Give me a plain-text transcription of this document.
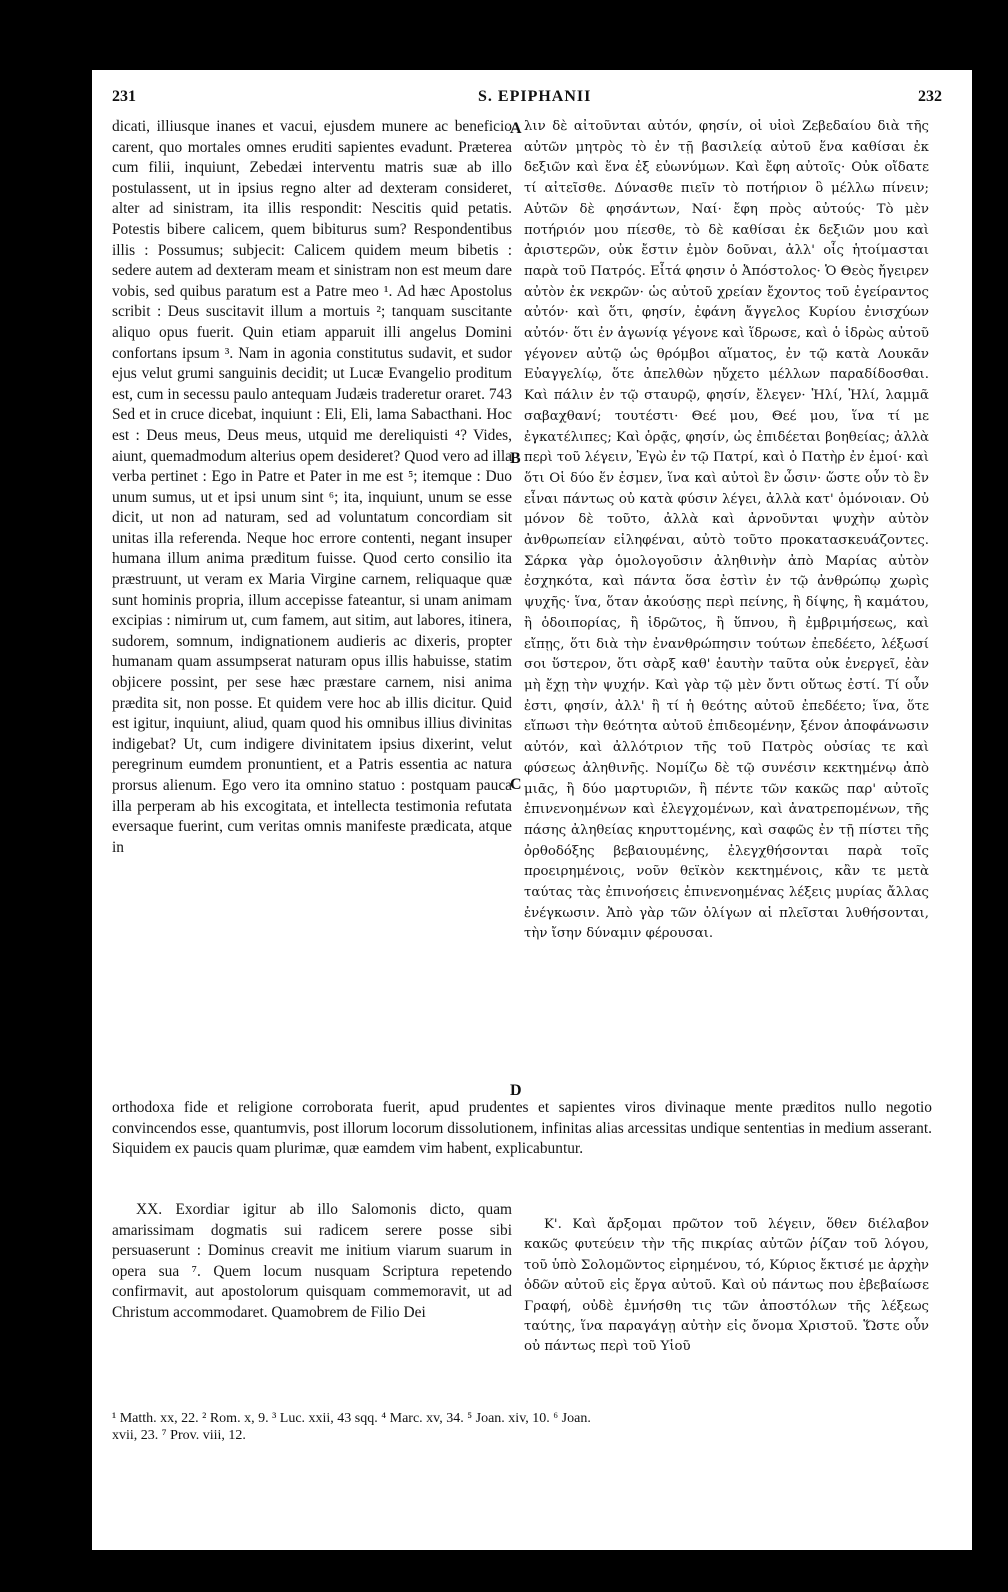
231	S. EPIPHANII	232

dicati, illiusque inanes et vacui, ejusdem munere ac beneficio carent, quo mortales omnes eruditi sapientes evadunt. Præterea cum filii, inquiunt, Zebedæi interventu matris suæ ab illo postulassent, ut in ipsius regno alter ad dexteram consideret, alter ad sinistram, ita illis respondit: Nescitis quid petatis. Potestis bibere calicem, quem bibiturus sum? Respondentibus illis : Possumus; subjecit: Calicem quidem meum bibetis : sedere autem ad dexteram meam et sinistram non est meum dare vobis, sed quibus paratum est a Patre meo ¹. Ad hæc Apostolus scribit : Deus suscitavit illum a mortuis ²; tanquam suscitante aliquo opus fuerit. Quin etiam apparuit illi angelus Domini confortans ipsum ³. Nam in agonia constitutus sudavit, et sudor ejus velut grumi sanguinis decidit; ut Lucæ Evangelio proditum est, cum in secessu paulo antequam Judæis traderetur oraret. 743 Sed et in cruce dicebat, inquiunt : Eli, Eli, lama Sabacthani. Hoc est : Deus meus, Deus meus, utquid me dereliquisti ⁴? Vides, aiunt, quemadmodum alterius opem desideret? Quod vero ad illa verba pertinet : Ego in Patre et Pater in me est ⁵; itemque : Duo unum sumus, ut et ipsi unum sint ⁶; ita, inquiunt, unum se esse dicit, ut non ad naturam, sed ad voluntatum concordiam sit unitas illa referenda. Neque hoc errore contenti, negant insuper humana illum anima præditum fuisse. Quod certo consilio ita præstruunt, ut veram ex Maria Virgine carnem, reliquaque quæ sunt hominis propria, illum accepisse fateantur, si unam animam excipias : nimirum ut, cum famem, aut sitim, aut labores, itinera, sudorem, somnum, indignationem audieris ac dixeris, propter humanam quam assumpserat naturam opus illis habuisse, statim objicere possint, per sese hæc præstare carnem, nisi anima prædita sit, non posse. Et quidem vere hoc ab illis dicitur. Quid est igitur, inquiunt, aliud, quam quod his omnibus illius divinitas indigebat? Ut, cum indigere divinitatem ipsius dixerint, velut peregrinum eumdem pronuntient, et a Patris essentia ac natura prorsus alienum. Ego vero ita omnino statuo : postquam pauca illa perperam ab his excogitata, et intellecta testimonia refutata eversaque fuerint, cum veritas omnis manifeste prædicata, atque in

A
B
C
D

λιν δὲ αἰτοῦνται αὐτόν, φησίν, οἱ υἱοὶ Ζεβεδαίου διὰ τῆς αὐτῶν μητρὸς τὸ ἐν τῇ βασιλείᾳ αὐτοῦ ἕνα καθίσαι ἐκ δεξιῶν καὶ ἕνα ἐξ εὐωνύμων. Καὶ ἔφη αὐτοῖς· Οὐκ οἴδατε τί αἰτεῖσθε. Δύνασθε πιεῖν τὸ ποτήριον ὃ μέλλω πίνειν; Αὐτῶν δὲ φησάντων, Ναί· ἔφη πρὸς αὐτούς· Τὸ μὲν ποτήριόν μου πίεσθε, τὸ δὲ καθίσαι ἐκ δεξιῶν μου καὶ ἀριστερῶν, οὐκ ἔστιν ἐμὸν δοῦναι, ἀλλ' οἷς ἡτοίμασται παρὰ τοῦ Πατρός. Εἶτά φησιν ὁ Ἀπόστολος· Ὁ Θεὸς ἤγειρεν αὐτὸν ἐκ νεκρῶν· ὡς αὐτοῦ χρείαν ἔχοντος τοῦ ἐγείραντος αὐτόν· καὶ ὅτι, φησίν, ἐφάνη ἄγγελος Κυρίου ἐνισχύων αὐτόν· ὅτι ἐν ἀγωνίᾳ γέγονε καὶ ἵδρωσε, καὶ ὁ ἱδρὼς αὐτοῦ γέγονεν αὐτῷ ὡς θρόμβοι αἵματος, ἐν τῷ κατὰ Λουκᾶν Εὐαγγελίῳ, ὅτε ἀπελθὼν ηὔχετο μέλλων παραδίδοσθαι. Καὶ πάλιν ἐν τῷ σταυρῷ, φησίν, ἔλεγεν· Ἠλί, Ἠλί, λαμμᾶ σαβαχθανί; τουτέστι· Θεέ μου, Θεέ μου, ἵνα τί με ἐγκατέλιπες; Καὶ ὁρᾷς, φησίν, ὡς ἐπιδέεται βοηθείας; ἀλλὰ περὶ τοῦ λέγειν, Ἐγὼ ἐν τῷ Πατρί, καὶ ὁ Πατὴρ ἐν ἐμοί· καὶ ὅτι Οἱ δύο ἕν ἐσμεν, ἵνα καὶ αὐτοὶ ἓν ὦσιν· ὥστε οὖν τὸ ἓν εἶναι πάντως οὐ κατὰ φύσιν λέγει, ἀλλὰ κατ' ὁμόνοιαν. Οὐ μόνον δὲ τοῦτο, ἀλλὰ καὶ ἀρνοῦνται ψυχὴν αὐτὸν ἀνθρωπείαν εἰληφέναι, αὐτὸ τοῦτο προκατασκευάζοντες. Σάρκα γὰρ ὁμολογοῦσιν ἀληθινὴν ἀπὸ Μαρίας αὐτὸν ἐσχηκότα, καὶ πάντα ὅσα ἐστὶν ἐν τῷ ἀνθρώπῳ χωρὶς ψυχῆς· ἵνα, ὅταν ἀκούσῃς περὶ πείνης, ἢ δίψης, ἢ καμάτου, ἢ ὁδοιπορίας, ἢ ἱδρῶτος, ἢ ὕπνου, ἢ ἐμβριμήσεως, καὶ εἴπῃς, ὅτι διὰ τὴν ἐνανθρώπησιν τούτων ἐπεδέετο, λέξωσί σοι ὕστερον, ὅτι σὰρξ καθ' ἑαυτὴν ταῦτα οὐκ ἐνεργεῖ, ἐὰν μὴ ἔχῃ τὴν ψυχήν. Καὶ γὰρ τῷ μὲν ὄντι οὕτως ἐστί. Τί οὖν ἐστι, φησίν, ἀλλ' ἢ τί ἡ θεότης αὐτοῦ ἐπεδέετο; ἵνα, ὅτε εἴπωσι τὴν θεότητα αὐτοῦ ἐπιδεομένην, ξένον ἀποφάνωσιν αὐτόν, καὶ ἀλλότριον τῆς τοῦ Πατρὸς οὐσίας τε καὶ φύσεως ἀληθινῆς. Νομίζω δὲ τῷ συνέσιν κεκτημένῳ ἀπὸ μιᾶς, ἢ δύο μαρτυριῶν, ἢ πέντε τῶν κακῶς παρ' αὐτοῖς ἐπινενοημένων καὶ ἐλεγχομένων, καὶ ἀνατρεπομένων, τῆς πάσης ἀληθείας κηρυττομένης, καὶ σαφῶς ἐν τῇ πίστει τῆς ὀρθοδόξης βεβαιουμένης, ἐλεγχθήσονται παρὰ τοῖς προειρημένοις, νοῦν θεϊκὸν κεκτημένοις, κἂν τε μετὰ ταύτας τὰς ἐπινοήσεις ἐπινενοημένας λέξεις μυρίας ἄλλας ἐνέγκωσιν. Ἀπὸ γὰρ τῶν ὀλίγων αἱ πλεῖσται λυθήσονται, τὴν ἴσην δύναμιν φέρουσαι.

orthodoxa fide et religione corroborata fuerit, apud prudentes et sapientes viros divinaque mente præditos nullo negotio convincendos esse, quantumvis, post illorum locorum dissolutionem, infinitas alias arcessitas undique sententias in medium asserant. Siquidem ex paucis quam plurimæ, quæ eamdem vim habent, explicabuntur.

XX. Exordiar igitur ab illo Salomonis dicto, quam amarissimam dogmatis sui radicem serere posse sibi persuaserunt : Dominus creavit me initium viarum suarum in opera sua ⁷. Quem locum nusquam Scriptura repetendo confirmavit, aut apostolorum quisquam commemoravit, ut ad Christum accommodaret. Quamobrem de Filio Dei

Κ'. Καὶ ἄρξομαι πρῶτον τοῦ λέγειν, ὅθεν διέλαβον κακῶς φυτεύειν τὴν τῆς πικρίας αὐτῶν ῥίζαν τοῦ λόγου, τοῦ ὑπὸ Σολομῶντος εἰρημένου, τό, Κύριος ἔκτισέ με ἀρχὴν ὁδῶν αὐτοῦ εἰς ἔργα αὐτοῦ. Καὶ οὐ πάντως που ἐβεβαίωσε Γραφή, οὐδὲ ἐμνήσθη τις τῶν ἀποστόλων τῆς λέξεως ταύτης, ἵνα παραγάγῃ αὐτὴν εἰς ὄνομα Χριστοῦ. Ὥστε οὖν οὐ πάντως περὶ τοῦ Υἱοῦ

¹ Matth. xx, 22. ² Rom. x, 9. ³ Luc. xxii, 43 sqq. ⁴ Marc. xv, 34. ⁵ Joan. xiv, 10. ⁶ Joan.
xvii, 23. ⁷ Prov. viii, 12.
